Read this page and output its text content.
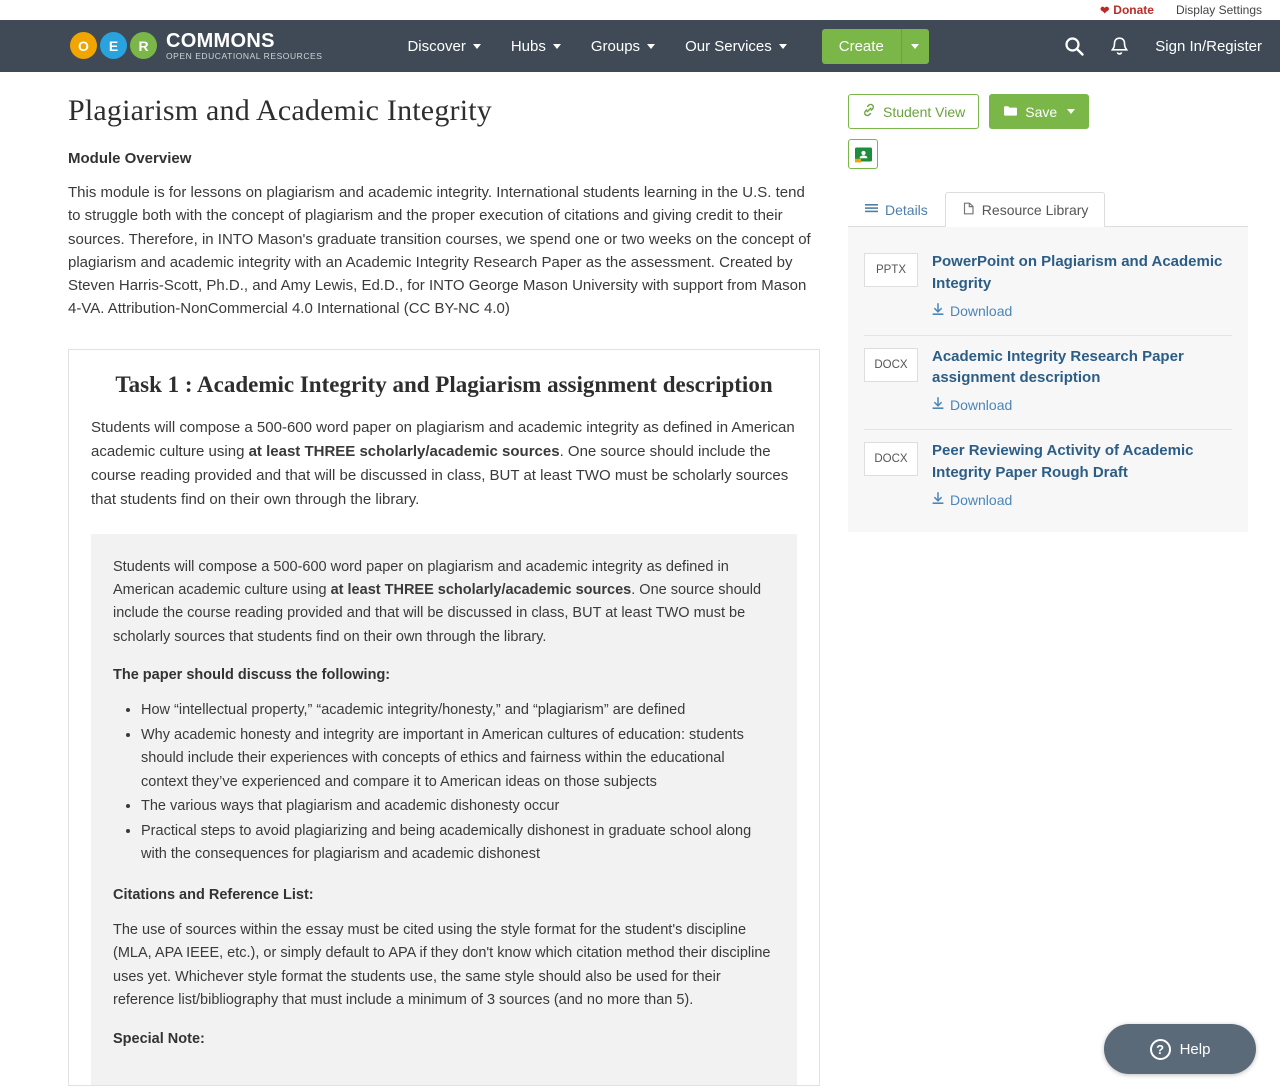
❤ Donate Display Settings
O	E	R COMMONS
OPEN EDUCATIONAL RESOURCES
Discover	Hubs	Groups	Our Services	Create	Sign In/Register
Plagiarism and Academic Integrity
Module Overview
This module is for lessons on plagiarism and academic integrity. International students learning in the U.S. tend to struggle both with the concept of plagiarism and the proper execution of citations and giving credit to their sources. Therefore, in INTO Mason's graduate transition courses, we spend one or two weeks on the concept of plagiarism and academic integrity with an Academic Integrity Research Paper as the assessment. Created by Steven Harris-Scott, Ph.D., and Amy Lewis, Ed.D., for INTO George Mason University with support from Mason 4-VA. Attribution-NonCommercial 4.0 International (CC BY-NC 4.0)
Task 1 : Academic Integrity and Plagiarism assignment description

Students will compose a 500-600 word paper on plagiarism and academic integrity as defined in American academic culture using at least THREE scholarly/academic sources. One source should include the course reading provided and that will be discussed in class, BUT at least TWO must be scholarly sources that students find on their own through the library.

Students will compose a 500-600 word paper on plagiarism and academic integrity as defined in American academic culture using at least THREE scholarly/academic sources. One source should include the course reading provided and that will be discussed in class, BUT at least TWO must be scholarly sources that students find on their own through the library.

The paper should discuss the following:
• How “intellectual property,” “academic integrity/honesty,” and “plagiarism” are defined
• Why academic honesty and integrity are important in American cultures of education: students should include their experiences with concepts of ethics and fairness within the educational context they’ve experienced and compare it to American ideas on those subjects
• The various ways that plagiarism and academic dishonesty occur
• Practical steps to avoid plagiarizing and being academically dishonest in graduate school along with the consequences for plagiarism and academic dishonest
Citations and Reference List:

The use of sources within the essay must be cited using the style format for the student's discipline (MLA, APA IEEE, etc.), or simply default to APA if they don't know which citation method their discipline uses yet. Whichever style format the students use, the same style should also be used for their reference list/bibliography that must include a minimum of 3 sources (and no more than 5).

Special Note:
Student View	Save
Details	Resource Library
PPTX	PowerPoint on Plagiarism and Academic Integrity
Download
DOCX	Academic Integrity Research Paper assignment description
Download
DOCX	Peer Reviewing Activity of Academic Integrity Paper Rough Draft
Download
?	Help
